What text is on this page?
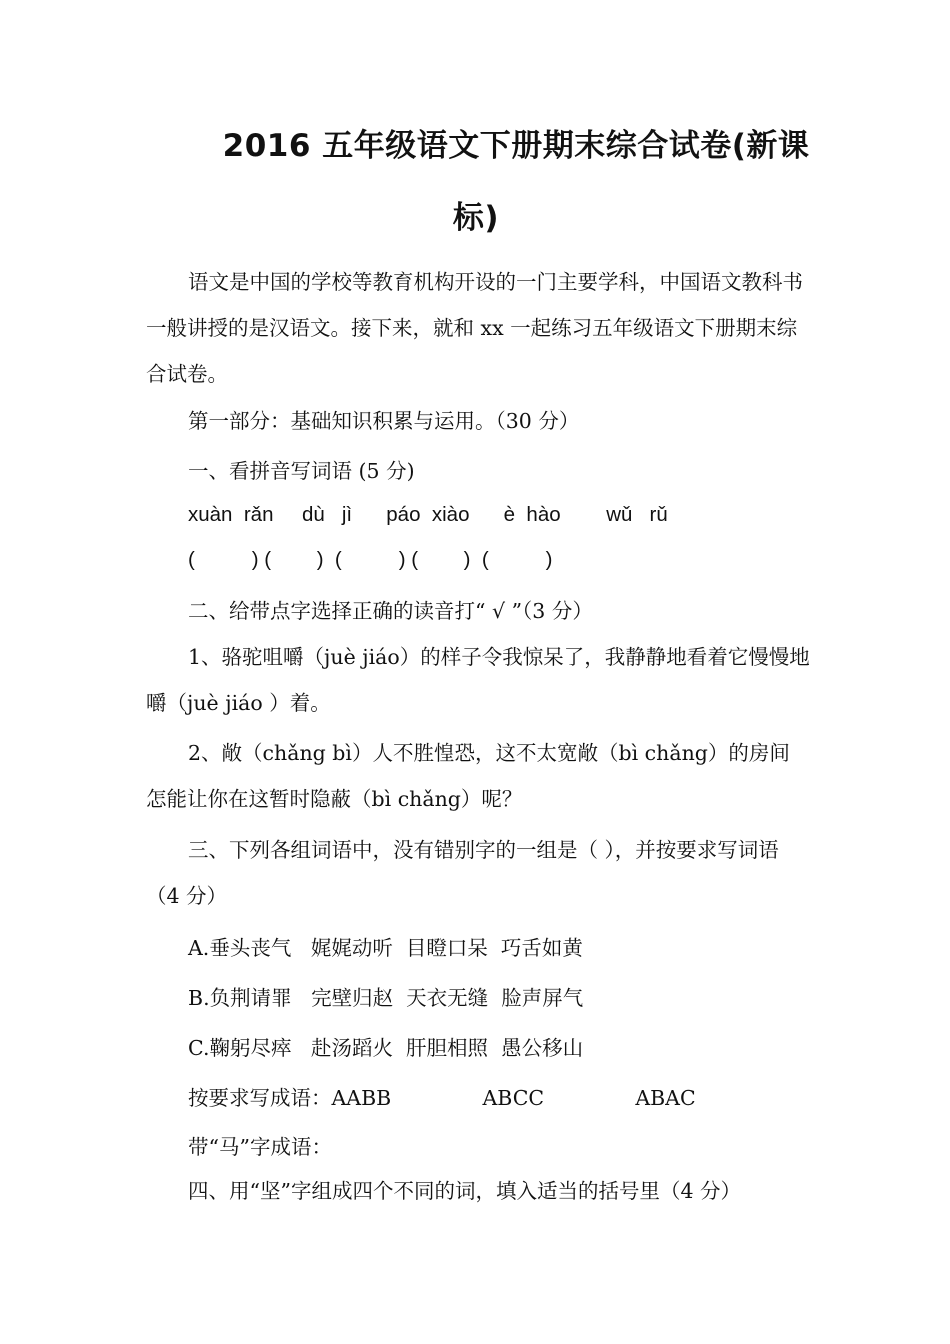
2016 五年级语文下册期末综合试卷(新课
标)
语文是中国的学校等教育机构开设的一门主要学科，中国语文教科书一般讲授的是汉语文。接下来，就和 xx 一起练习五年级语文下册期末综合试卷。
第一部分：基础知识积累与运用。（30 分）
一、看拼音写词语 (5 分)
xuàn  rǎn     dù   jì      páo  xiào      è  hào        wǔ   rǔ
(          ) (        )  (          ) (        )  (          )
二、给带点字选择正确的读音打“ √ ”（3 分）
1、骆驼咀嚼（juè jiáo）的样子令我惊呆了，我静静地看着它慢慢地嚼（juè jiáo ）着。
2、敞（chǎng bì）人不胜惶恐，这不太宽敞（bì chǎng）的房间怎能让你在这暂时隐蔽（bì chǎng）呢？
三、下列各组词语中，没有错别字的一组是（ ），并按要求写词语 （4 分）
A.垂头丧气   娓娓动听  目瞪口呆  巧舌如黄
B.负荆请罪   完壁归赵  天衣无缝  脸声屏气
C.鞠躬尽瘁   赴汤蹈火  肝胆相照  愚公移山
按要求写成语：AABB              ABCC              ABAC
带“马”字成语：
四、用“坚”字组成四个不同的词，填入适当的括号里（4 分）
